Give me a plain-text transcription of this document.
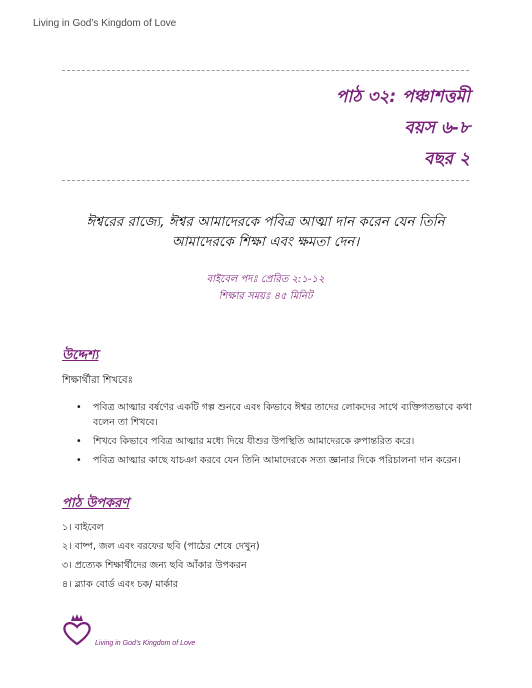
Living in God’s Kingdom of Love
পাঠ ৩২: পঞ্চাশত্তমী
বয়স ৬-৮
বছর ২
ঈশ্বরের রাজ্যে, ঈশ্বর আমাদেরকে পবিত্র আত্মা দান করেন যেন তিনি আমাদেরকে শিক্ষা এবং ক্ষমতা দেন।
বাইবেল পদঃ প্রেরিত ২:১-১২
শিক্ষার সময়ঃ ৪৫ মিনিট
উদ্দেশ্য
শিক্ষার্থীরা শিখবেঃ
• পবিত্র আত্মার বর্ষণের একটি গল্প শুনবে এবং কিভাবে ঈশ্বর তাদের লোকদের সাথে ব্যক্তিগতভাবে কথা বলেন তা শিখবে।
• শিখবে কিভাবে পবিত্র আত্মার মধ্যে দিয়ে যীশুর উপস্থিতি আমাদেরকে রুপান্তরিত করে।
• পবিত্র আত্মার কাছে যাচঞা করবে যেন তিনি আমাদেরকে সত্য জ্ঞানার দিকে পরিচালনা দান করেন।
পাঠ উপকরণ
১। বাইবেল
২। বাষ্প, জল এবং বরফের ছবি (পাঠের শেষে দেখুন)
৩। প্রত্যেক শিক্ষার্থীদের জন্য ছবি আঁকার উপকরন
৪। ব্ল্যাক বোর্ড এবং চক/ মার্কার
Living in God’s Kingdom of Love
